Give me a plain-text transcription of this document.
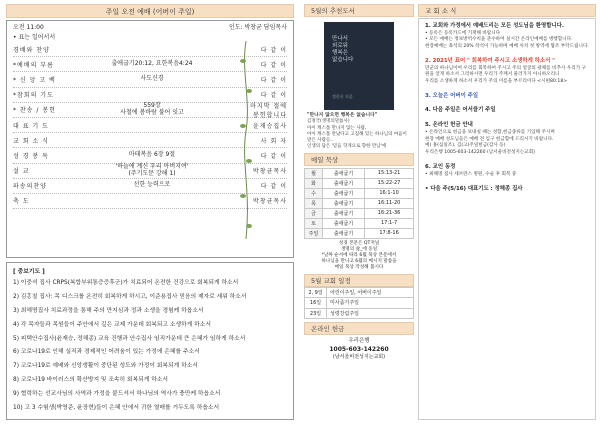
주일 오전 예배 (어버이 주일)
오전 11:00	인도: 박창균 담임목사
• 표는 일어서서
경배와 찬양	다 같 이
*예배의 부름	출애굽기20:12, 요한복음4:24	다 같 이
* 신 앙 고 백	사도신경	다 같 이
*참회의 기도	다 같 이
* 찬송 / 봉헌
559장
사철에 봄바람 불어 잇고
마지막 절에
봉헌합니다
대 표 기 도	윤재승집사
교 회 소 식	사 회 자
성 경 봉 독	마태복음 6장 9절	다 같 이
설 교
'하늘에 계신 우리 아버지여'
(주기도문 강해 1)	박창균목사
파송의찬양	선한 능력으로	다 같 이
축 도	박창균목사
[ 중보기도 ]
1) 이중석 집사 CRPS(복합부위통증증후군)가 치료되어 온전한 건강으로 회복되게 하소서
2) 김홍칠 집사: 목 디스크를 온전히 회복하게 하시고, 이준용집사 믿음의 제자로 세워 하소서
3) 최해명집사 치료과정을 통해 주의 만지심과 정과 소생을 경험케 하옵소서
4) 각 목자들과 목원들이 주안에서 깊은 교제 가운데 회복되고 소생하게 하소서
5) 피택안수집사(윤재승, 정해종) 교육 진행과 안수집사 임직가운데 큰 은혜가 임하게 하소서
6) 코로나19로 인해 실직과 경제적인 어려움이 있는 가정에 은혜를 주소서
7) 코로나19로 예배와 신앙생활이 중단된 성도와 가정이 회복되게 하소서
8) 코로나19 바이러스의 확산방지 및 조속히 회복되게 하소서
9) 협력하는 선교사님의 사역과 가정을 붙드셔서 하나님의 역사가 충만케 하옵소서
10) 고 3 수험생(박영준, 윤장현)들이 은혜 안에서 귀한 열매를 거두도록 하옵소서
5월의 추천도서
만나서
외로워
행복은
없습니다
정한욱 지음
"만나지 않으면 행복은 없습니다"
김정국(생명의말씀사)
아이 캐스톨 만나지 않는 사람,
아이 캐스톨 만났다고 고집해 있는 하나님의 마음이
말은 사람들..
인생의 답은 '믿음 학개으로 향한 만남'에
매일 묵상
월	출애굽기	15:13-21
화	출애굽기	15:22-27
수	출애굽기	16:1-10
목	출애굽기	16:11-20
금	출애굽기	16:21-36
토	출애굽기	17:1-7
주일	출애굽기	17:8-16
성경 본문은 QT저널
생명의 삶_에 동일
*날짜 순서에 따라 6월 묵상 본문에서
하나님을 만나고 6월의 메시지 말씀을
매일 묵상 작성해 봅시다
5월 교회 일정
2, 9일	어린이주일, 어버이주일
16일	미사좀기주일
23일	성령강림주일
온라인 헌금
우리은행
1005-603-142260
(남서울비전성지는교회)
교 회 소 식
1. 교회와 가정에서 예배드리는 모든 성도님을 환영합니다.
• 등록은 등록카드에 기재해 바랍니다
• 모든 예배는 정보방역수칙을 준수하여 실시간 온라인예배를 병행합니다.
현장예배는 좌석의 20% 착석이 가능하며 예배 처치 첫 방역에 협조 부탁드립니다.
2. 2021년 표어 " 회복하여 주시고 소생하게 하소서 "
만군의 하나님이여 우리를 회복하여 주시고 주의 얼굴의 광채를 비추사 우리가 구원을 얻게 하소서 그리하시면 우리가 주께서 물러가지 아니하오리니
우리를 소생하게 하소서 우리가 주의 이름을 부르리이다 <시편80:18>
3. 오늘은 어버이 주일
4. 다음 주일은 어서클기 주일
5. 온라인 헌금 안내
• 온라인으로 헌금을 보내실 때는 성함,헌금종류를 기입해 주시며
현장 예배 성도님들은 예배 전 입구 헌금함에 드리시기 바랍니다.
예) 홍(십일조), 김(고)주일헌금(감사 등)
우리은행 1005-603-142260 (남서울비전성지는교회)
6. 교인 동정
• 최해명 집사 세브란스 병원, 수술 후 회복 중
• 다음 주(5/16) 대표기도 : 정해종 집사
